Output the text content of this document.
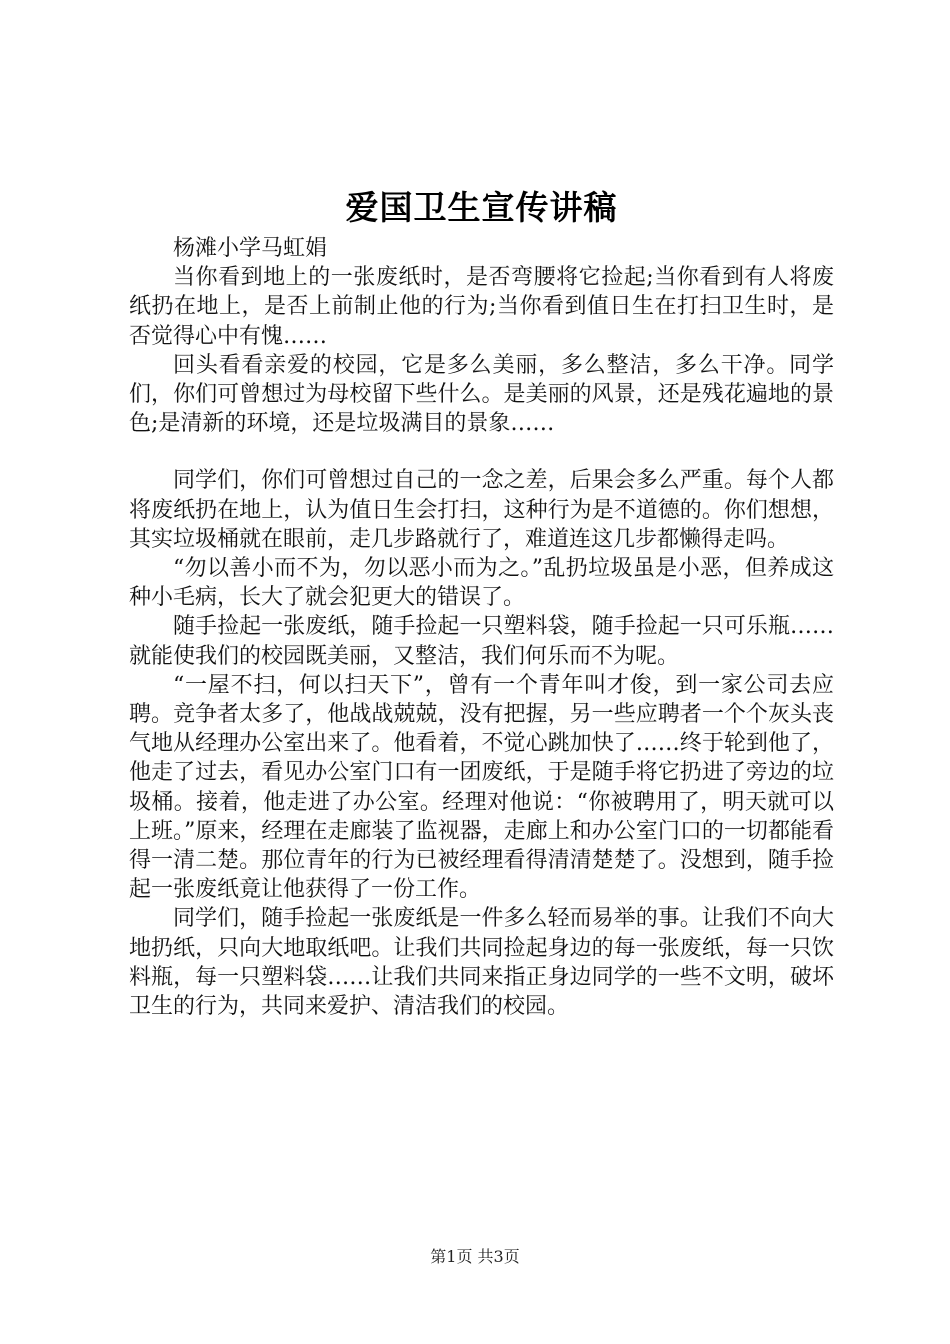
爱国卫生宣传讲稿

杨滩小学马虹娟

当你看到地上的一张废纸时，是否弯腰将它捡起;当你看到有人将废纸扔在地上，是否上前制止他的行为;当你看到值日生在打扫卫生时，是否觉得心中有愧……

回头看看亲爱的校园，它是多么美丽，多么整洁，多么干净。同学们，你们可曾想过为母校留下些什么。是美丽的风景，还是残花遍地的景色;是清新的环境，还是垃圾满目的景象……

同学们，你们可曾想过自己的一念之差，后果会多么严重。每个人都将废纸扔在地上，认为值日生会打扫，这种行为是不道德的。你们想想，其实垃圾桶就在眼前，走几步路就行了，难道连这几步都懒得走吗。

“勿以善小而不为，勿以恶小而为之。”乱扔垃圾虽是小恶，但养成这种小毛病，长大了就会犯更大的错误了。

随手捡起一张废纸，随手捡起一只塑料袋，随手捡起一只可乐瓶……就能使我们的校园既美丽，又整洁，我们何乐而不为呢。

“一屋不扫，何以扫天下”，曾有一个青年叫才俊，到一家公司去应聘。竞争者太多了，他战战兢兢，没有把握，另一些应聘者一个个灰头丧气地从经理办公室出来了。他看着，不觉心跳加快了……终于轮到他了，他走了过去，看见办公室门口有一团废纸，于是随手将它扔进了旁边的垃圾桶。接着，他走进了办公室。经理对他说：“你被聘用了，明天就可以上班。”原来，经理在走廊装了监视器，走廊上和办公室门口的一切都能看得一清二楚。那位青年的行为已被经理看得清清楚楚了。没想到，随手捡起一张废纸竟让他获得了一份工作。

同学们，随手捡起一张废纸是一件多么轻而易举的事。让我们不向大地扔纸，只向大地取纸吧。让我们共同捡起身边的每一张废纸，每一只饮料瓶，每一只塑料袋……让我们共同来指正身边同学的一些不文明，破坏卫生的行为，共同来爱护、清洁我们的校园。

第1页 共3页
